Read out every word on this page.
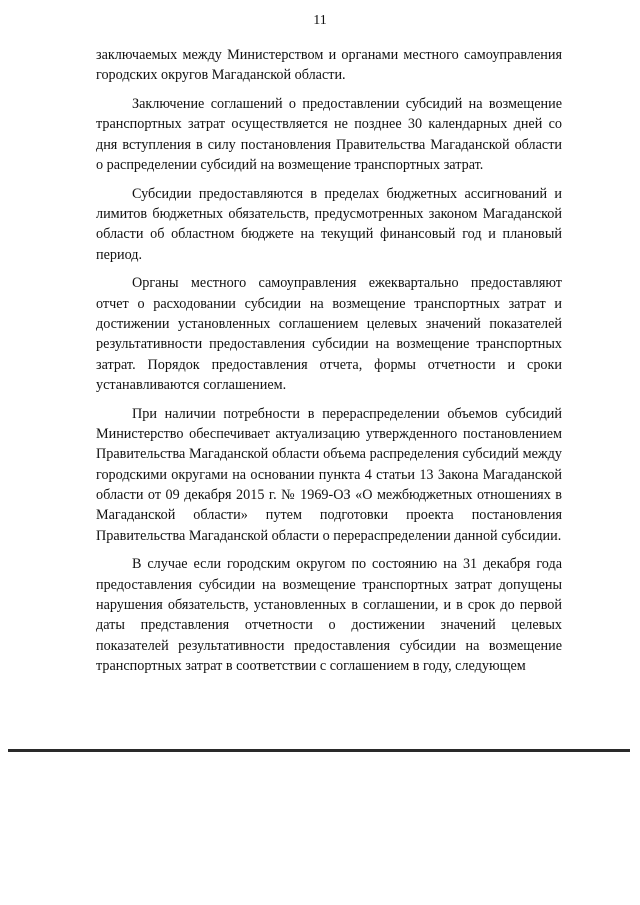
11

заключаемых между Министерством и органами местного самоуправления городских округов Магаданской области.

Заключение соглашений о предоставлении субсидий на возмещение транспортных затрат осуществляется не позднее 30 календарных дней со дня вступления в силу постановления Правительства Магаданской области о распределении субсидий на возмещение транспортных затрат.

Субсидии предоставляются в пределах бюджетных ассигнований и лимитов бюджетных обязательств, предусмотренных законом Магаданской области об областном бюджете на текущий финансовый год и плановый период.

Органы местного самоуправления ежеквартально предоставляют отчет о расходовании субсидии на возмещение транспортных затрат и достижении установленных соглашением целевых значений показателей результативности предоставления субсидии на возмещение транспортных затрат. Порядок предоставления отчета, формы отчетности и сроки устанавливаются соглашением.

При наличии потребности в перераспределении объемов субсидий Министерство обеспечивает актуализацию утвержденного постановлением Правительства Магаданской области объема распределения субсидий между городскими округами на основании пункта 4 статьи 13 Закона Магаданской области от 09 декабря 2015 г. № 1969-ОЗ «О межбюджетных отношениях в Магаданской области» путем подготовки проекта постановления Правительства Магаданской области о перераспределении данной субсидии.

В случае если городским округом по состоянию на 31 декабря года предоставления субсидии на возмещение транспортных затрат допущены нарушения обязательств, установленных в соглашении, и в срок до первой даты представления отчетности о достижении значений целевых показателей результативности предоставления субсидии на возмещение транспортных затрат в соответствии с соглашением в году, следующем
